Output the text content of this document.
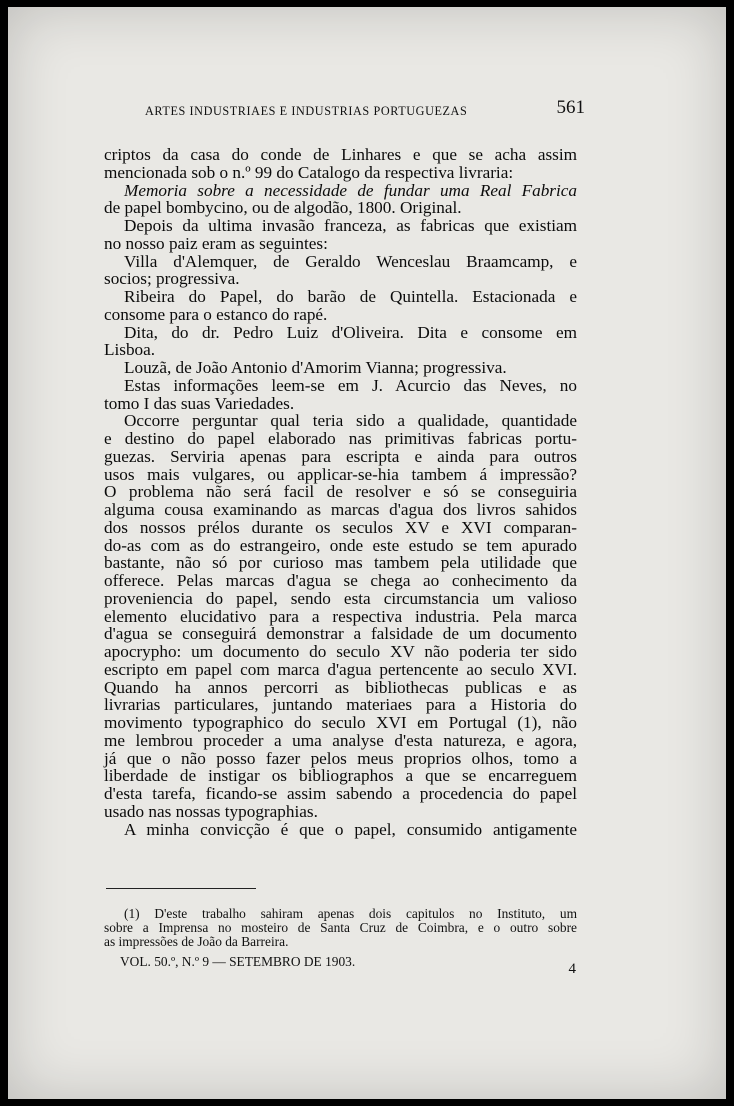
ARTES INDUSTRIAES E INDUSTRIAS PORTUGUEZAS	561

criptos da casa do conde de Linhares e que se acha assim

mencionada sob o n.º 99 do Catalogo da respectiva livraria:

Memoria sobre a necessidade de fundar uma Real Fabrica

de papel bombycino, ou de algodão, 1800. Original.

Depois da ultima invasão franceza, as fabricas que existiam

no nosso paiz eram as seguintes:

Villa d'Alemquer, de Geraldo Wenceslau Braamcamp, e

socios; progressiva.

Ribeira do Papel, do barão de Quintella. Estacionada e

consome para o estanco do rapé.

Dita, do dr. Pedro Luiz d'Oliveira. Dita e consome em

Lisboa.

Louzã, de João Antonio d'Amorim Vianna; progressiva.

Estas informações leem-se em J. Acurcio das Neves, no

tomo I das suas Variedades.

Occorre perguntar qual teria sido a qualidade, quantidade

e destino do papel elaborado nas primitivas fabricas portu-

guezas. Serviria apenas para escripta e ainda para outros

usos mais vulgares, ou applicar-se-hia tambem á impressão?

O problema não será facil de resolver e só se conseguiria

alguma cousa examinando as marcas d'agua dos livros sahidos

dos nossos prélos durante os seculos XV e XVI comparan-

do-as com as do estrangeiro, onde este estudo se tem apurado

bastante, não só por curioso mas tambem pela utilidade que

offerece. Pelas marcas d'agua se chega ao conhecimento da

proveniencia do papel, sendo esta circumstancia um valioso

elemento elucidativo para a respectiva industria. Pela marca

d'agua se conseguirá demonstrar a falsidade de um documento

apocrypho: um documento do seculo XV não poderia ter sido

escripto em papel com marca d'agua pertencente ao seculo XVI.

Quando ha annos percorri as bibliothecas publicas e as

livrarias particulares, juntando materiaes para a Historia do

movimento typographico do seculo XVI em Portugal (1), não

me lembrou proceder a uma analyse d'esta natureza, e agora,

já que o não posso fazer pelos meus proprios olhos, tomo a

liberdade de instigar os bibliographos a que se encarreguem

d'esta tarefa, ficando-se assim sabendo a procedencia do papel

usado nas nossas typographias.

A minha convicção é que o papel, consumido antigamente

(1) D'este trabalho sahiram apenas dois capitulos no Instituto, um

sobre a Imprensa no mosteiro de Santa Cruz de Coimbra, e o outro sobre

as impressões de João da Barreira.

VOL. 50.º, N.º 9 — SETEMBRO DE 1903.	4
